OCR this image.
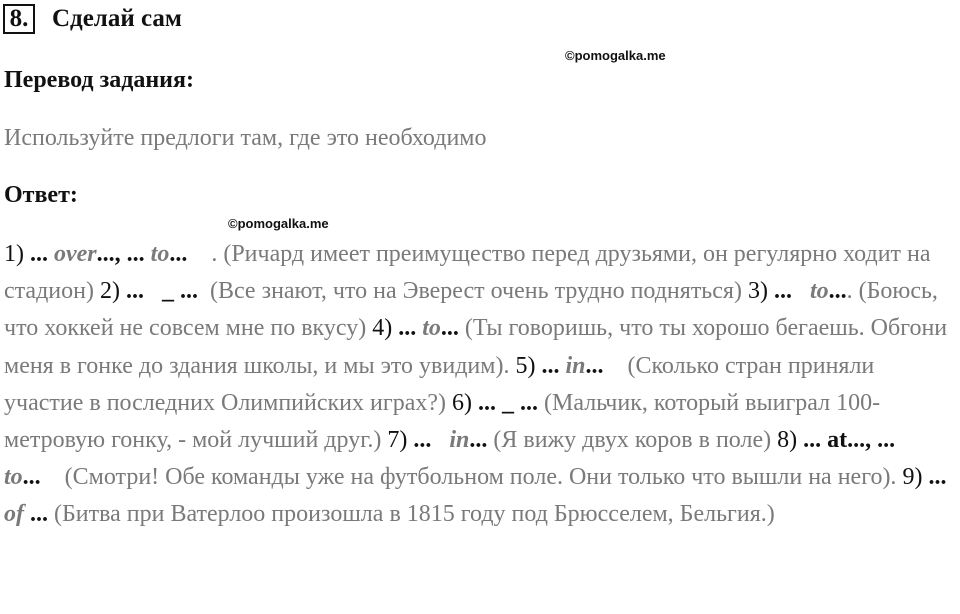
8. Сделай сам
©pomogalka.me
Перевод задания:
Используйте предлоги там, где это необходимо
Ответ:
©pomogalka.me
1) ... over..., ... to... . (Ричард имеет преимущество перед друзьями, он регулярно ходит на стадион) 2) ... _ ... (Все знают, что на Эверест очень трудно подняться) 3) ... to.... (Боюсь, что хоккей не совсем мне по вкусу) 4) ... to... (Ты говоришь, что ты хорошо бегаешь. Обгони меня в гонке до здания школы, и мы это увидим). 5) ... in... (Сколько стран приняли участие в последних Олимпийских играх?) 6) ... _ ... (Мальчик, который выиграл 100-метровую гонку, - мой лучший друг.) 7) ... in... (Я вижу двух коров в поле) 8) ... at..., ...   to... (Смотри! Обе команды уже на футбольном поле. Они только что вышли на него). 9) ... of ... (Битва при Ватерлоо произошла в 1815 году под Брюсселем, Бельгия.)
